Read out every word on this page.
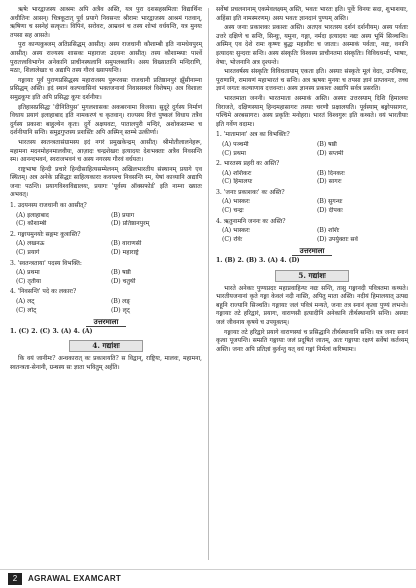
ऋषेः भारद्वाजस्य आश्रमः अपि अत्रैव अस्ति, यत्र पुरा दशसहस्रमिताः विद्यार्थिनः अधीतिनः आसन्। चित्रकूटात् पूर्वं प्रयागे निवसन्तः श्रीरामः भारद्वाजस्य आश्रमं गतवान्, ऋषिणा च सस्नेहं सत्कृतः। विपिनं, सरोवरः, आम्रवनं च तस्य शोभां वर्धयन्ति, यत्र मुनयः तपसा सह आसते।

पुरा कान्यकुब्जम् अतिप्रसिद्धम् आसीत्। अस्य राजधानी कौशाम्बी इति नामधेयपुरम् आसीत्। अस्य राज्यस्य शासकः महाराजः उदयनः आसीत्। तस्य कौशाम्ब्याः पार्श्वे पुरातत्त्वविभागेन अनेकानि प्राचीनस्थलानि समुपलब्धानि। अस्य विख्यातानि मन्दिराणि, मठाः, शिलालेखाः च अद्यापि तस्य गौरवं ख्यापयन्ति।

गङ्गायाः पूर्वं पुराणप्रसिद्धस्य महाराजस्य पुरूरवसः राजधानी प्रतिष्ठानपुरं झूँसीनाम्ना प्रसिद्धम् अस्ति। इदं स्थानं कल्पवासिनां भक्तजनानां निवासस्थलं विशेषम्। अत्र विशालः समुद्रकूपः इति अपि प्रसिद्धः कूपः दर्शनीयः।

इतिहासप्रसिद्धः 'दीनितियुस' मुगलशासकः अकबरनामा विजया। सुदूरे दुर्गस्य निर्माणं विधाय प्रयागं इलाहाबाद इति नामकरणं च कृतवान्। राज्यस्य वित्तं पुष्कलं विधाय तत्रैव दुर्गस्य प्रकाशः बाहुल्येन कृतः। दुर्गे अक्षयवटः, पातालपुरी मन्दिरं, अशोकस्तम्भः च दर्शनीयानि सन्ति। समुद्रगुप्तस्य प्रशस्तिः अपि अस्मिन् स्तम्भे उत्कीर्णा।

भारतस्य स्वतन्त्रतासंग्रामस्य इदं नगरं प्रमुखकेन्द्रम् आसीत्। श्रीमोतीलालनेहरू, महामना मदनमोहनमालवीयः, आज़ादः चन्द्रशेखरः इत्यादयः देशभक्ताः अत्रैव निवसन्ति स्म। आनन्दभवनं, स्वराजभवनं च अस्य नगरस्य गौरवं वर्धयतः।

राष्ट्रभाषा हिन्दी प्रचारे हिन्दीसाहित्यसम्मेलनम् अखिलभारतीय संस्थानम् प्रयागे एव स्थितम्। अत्र अनेके प्रसिद्धाः साहित्यकाराः कवयश्च निवसन्ति स्म, येषां काव्यानि अद्यापि जनाः पठन्ति। प्रयागविश्वविद्यालयः, प्रयागः 'पूर्वस्य ऑक्सफोर्ड' इति नाम्ना ख्यातः अभवत्।

1. उदयनस्य राजधानी का आसीत्?
(A) इलाहाबाद	(B) प्रयाग
(C) कौशाम्बी	(D) प्रतिष्ठानपुरम्
2. गङ्गायमुनयोः सङ्गमः कुत्रास्ति?
(A) लखनऊ	(B) वाराणसी
(C) प्रयागे	(D) महाराष्ट्रे
3. 'स्वतन्त्रताया' पदस्य विभक्ति:
(A) प्रथमा	(B) षष्ठी
(C) तृतीया	(D) चतुर्थी
4. 'निवसन्ति' पदे कः लकारः?
(A) लट्	(B) लङ्
(C) लोट्	(D) लृट्
उत्तरमाला
1. (C) 2. (C) 3. (A) 4. (A)
4. गद्यांशः

कि वयं जानीमः? अन्धकारात् कः प्रकाशयति? स विद्वान्, राष्ट्रियः, मालवः, महामना, स्वतन्त्रता-सेनानी, ग्रन्थस्य सः ज्ञाता भवितुम् अर्हति।

सर्वेषां प्रचलनानाम् एकमेवलक्ष्यम् अस्ति, भवतः भारतः इति। पूर्वेः विनयः सदा, शुभाशयाः, अहिंसा इति नामस्मरणम्। अस्य भवतः ज्ञानदानं पुण्यम् अस्ति।

अस्य जनाः प्रकाशकः प्रकाशः अस्ति। अतएव भारतस्य दर्शनं दर्शनीयम्। अस्य पर्वताः उत्तरे दक्षिणे च सन्ति, सिन्धुः, यमुना, गङ्गा, नर्मदा इत्यादयः नद्यः अस्य भूमिं सिञ्चन्ति। अस्मिन् एव देशे रामः कृष्णः बुद्धः महावीरः च जाताः। अस्माकं पर्वताः, नद्यः, वनानि इत्यादयः सुन्दराः सन्ति। अस्य संस्कृतिः विश्वस्य प्राचीनतमा संस्कृतिः। विविधधर्माः, भाषाः, वेषाः, भोजनानि अत्र दृश्यन्ते।

भारतवर्षस्य संस्कृतिः विविधतायाम् एकता इति। अस्याः संस्कृतेः मूलं वेदाः, उपनिषदः, पुराणानि, रामायणं महाभारतं च सन्ति। अत्र ऋषयः मुनयः च तपसा ज्ञानं प्राप्तवन्तः, तच्च ज्ञानं जगतः कल्याणाय दत्तवन्तः। अस्य ज्ञानस्य प्रकाशः अद्यापि सर्वत्र प्रसरति।

भारतमाता जननी। भारतमाता अस्माकं अस्ति। अस्याः उत्तरस्याम् दिशि हिमालयः विराजते, दक्षिणस्याम् हिन्दमहासागरः तस्याः चरणौ प्रक्षालयति। पूर्वस्याम् बङ्गोपसागरः, पश्चिमे अरबसागरः। अस्य प्रकृतिः मनोहरा। भारतं विश्वगुरुः इति कथ्यते। वयं भारतीयाः इति गर्वेण वदामः।

1. 'मातामाना' अत्र का विभक्तिः?
(A) पञ्चमी	(B) षष्ठी
(C) प्रथमा	(D) सप्तमी
2. भारतस्य प्रहरी कः अस्ति?
(A) शशिकरः	(B) दिनकरः
(C) हिमालयः	(D) सागरः
3. 'जनाः प्रकाशकः' कः अस्ति?
(A) भास्करः	(B) सुगन्धः
(C) चन्द्रः	(D) दीपकः
4. ऋतुनामनि जननः कः अस्ति?
(A) भास्करः	(B) शशिः
(C) रविः	(D) उपर्युक्ताः सर्वे
उत्तरमाला
1. (B) 2. (B) 3. (A) 4. (D)
5. गद्यांशः

भारते अनेकाः पुण्यप्रदाः महाप्रवाहिन्यः नद्यः सन्ति, तासु गङ्गानदी पवित्रतमा कथ्यते। भारतीयजनानां कृते गङ्गा केवलं नदी नास्ति, अपितु माता अस्ति। नदीयं हिमालयात् उत्पद्य बहूनि राज्यानि सिञ्चति। गङ्गायाः जलं पवित्रं मन्यते, जनाः तत्र स्नानं कृत्वा पुण्यं लभन्ते। गङ्गायाः तटे हरिद्वारं, प्रयागः, वाराणसी इत्यादीनि अनेकानि तीर्थस्थानानि सन्ति। अस्याः जलं जीवनाय कृषये च उपयुक्तम्।

गङ्गायाः तटे हरिद्वारे प्रयागे वाराणस्यां च प्रसिद्धानि तीर्थस्थानानि सन्ति। यत्र जनाः स्नानं कृत्वा पूजयन्ति। सम्प्रति गङ्गायाः जलं प्रदूषितं जातम्, अतः गङ्गायाः रक्षणं सर्वेषां कर्तव्यम् अस्ति। जनाः अपि प्रतिज्ञां कुर्वन्तु यत् वयं गङ्गां निर्मलां करिष्यामः।

2	AGRAWAL EXAMCART
